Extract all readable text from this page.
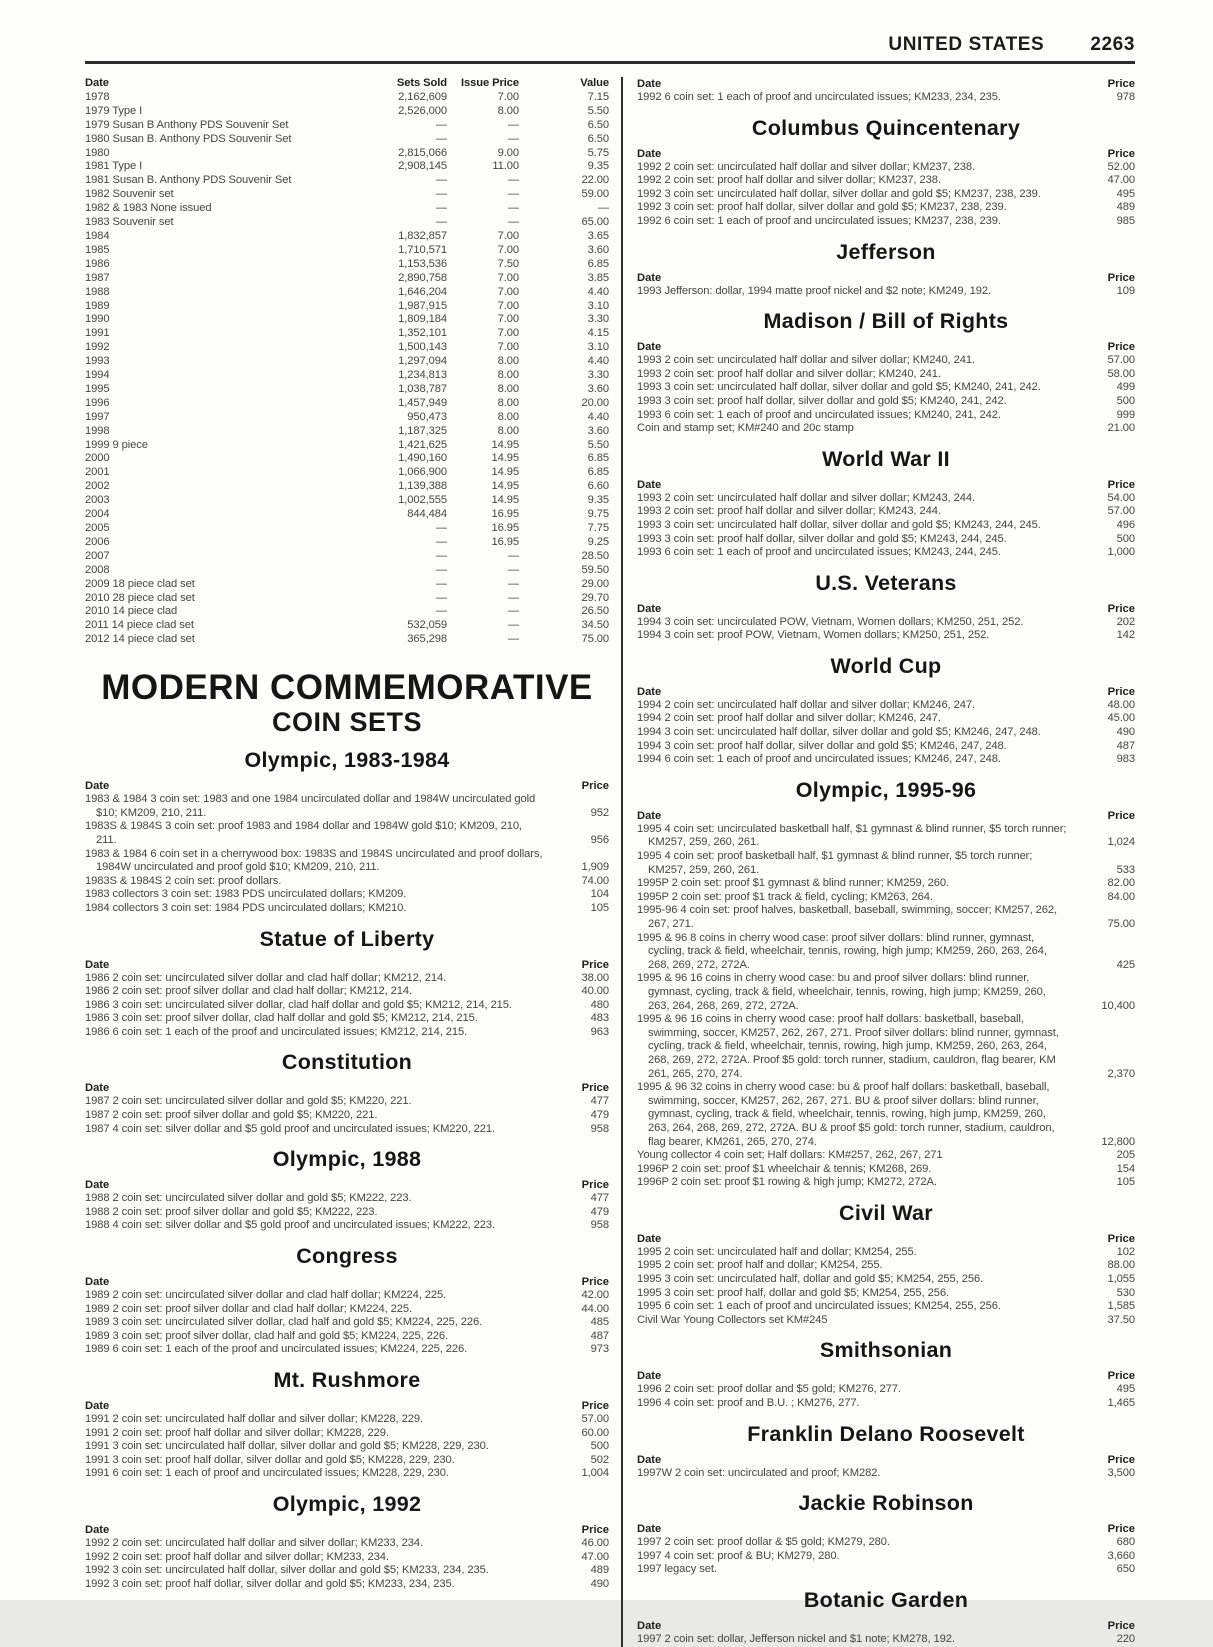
UNITED STATES 2263
Date	Sets Sold	Issue Price	Value
1978	2,162,609	7.00	7.15
1979 Type I	2,526,000	8.00	5.50
1979 Susan B Anthony PDS Souvenir Set	—	—	6.50
1980 Susan B. Anthony PDS Souvenir Set	—	—	6.50
1980	2,815,066	9.00	5.75
1981 Type I	2,908,145	11.00	9.35
1981 Susan B. Anthony PDS Souvenir Set	—	—	22.00
1982 Souvenir set	—	—	59.00
1982 & 1983 None issued	—	—	—
1983 Souvenir set	—	—	65.00
1984	1,832,857	7.00	3.65
1985	1,710,571	7.00	3.60
1986	1,153,536	7.50	6.85
1987	2,890,758	7.00	3.85
1988	1,646,204	7.00	4.40
1989	1,987,915	7.00	3.10
1990	1,809,184	7.00	3.30
1991	1,352,101	7.00	4.15
1992	1,500,143	7.00	3.10
1993	1,297,094	8.00	4.40
1994	1,234,813	8.00	3.30
1995	1,038,787	8.00	3.60
1996	1,457,949	8.00	20.00
1997	950,473	8.00	4.40
1998	1,187,325	8.00	3.60
1999 9 piece	1,421,625	14.95	5.50
2000	1,490,160	14.95	6.85
2001	1,066,900	14.95	6.85
2002	1,139,388	14.95	6.60
2003	1,002,555	14.95	9.35
2004	844,484	16.95	9.75
2005	—	16.95	7.75
2006	—	16.95	9.25
2007	—	—	28.50
2008	—	—	59.50
2009 18 piece clad set	—	—	29.00
2010 28 piece clad set	—	—	29.70
2010 14 piece clad	—	—	26.50
2011 14 piece clad set	532,059	—	34.50
2012 14 piece clad set	365,298	—	75.00
MODERN COMMEMORATIVE
COIN SETS
Olympic, 1983-1984
Date	Price
1983 & 1984 3 coin set: 1983 and one 1984 uncirculated dollar and 1984W uncirculated gold $10; KM209, 210, 211.	952
1983S & 1984S 3 coin set: proof 1983 and 1984 dollar and 1984W gold $10; KM209, 210, 211.	956
1983 & 1984 6 coin set in a cherrywood box: 1983S and 1984S uncirculated and proof dollars, 1984W uncirculated and proof gold $10; KM209, 210, 211.	1,909
1983S & 1984S 2 coin set: proof dollars.	74.00
1983 collectors 3 coin set: 1983 PDS uncirculated dollars; KM209.	104
1984 collectors 3 coin set: 1984 PDS uncirculated dollars; KM210.	105
Statue of Liberty
Date	Price
1986 2 coin set: uncirculated silver dollar and clad half dollar; KM212, 214.	38.00
1986 2 coin set: proof silver dollar and clad half dollar; KM212, 214.	40.00
1986 3 coin set: uncirculated silver dollar, clad half dollar and gold $5; KM212, 214, 215.	480
1986 3 coin set: proof silver dollar, clad half dollar and gold $5; KM212, 214, 215.	483
1986 6 coin set: 1 each of the proof and uncirculated issues; KM212, 214, 215.	963
Constitution
Date	Price
1987 2 coin set: uncirculated silver dollar and gold $5; KM220, 221.	477
1987 2 coin set: proof silver dollar and gold $5; KM220, 221.	479
1987 4 coin set: silver dollar and $5 gold proof and uncirculated issues; KM220, 221.	958
Olympic, 1988
Date	Price
1988 2 coin set: uncirculated silver dollar and gold $5; KM222, 223.	477
1988 2 coin set: proof silver dollar and gold $5; KM222, 223.	479
1988 4 coin set: silver dollar and $5 gold proof and uncirculated issues; KM222, 223.	958
Congress
Date	Price
1989 2 coin set: uncirculated silver dollar and clad half dollar; KM224, 225.	42.00
1989 2 coin set: proof silver dollar and clad half dollar; KM224, 225.	44.00
1989 3 coin set: uncirculated silver dollar, clad half and gold $5; KM224, 225, 226.	485
1989 3 coin set: proof silver dollar, clad half and gold $5; KM224, 225, 226.	487
1989 6 coin set: 1 each of the proof and uncirculated issues; KM224, 225, 226.	973
Mt. Rushmore
Date	Price
1991 2 coin set: uncirculated half dollar and silver dollar; KM228, 229.	57.00
1991 2 coin set: proof half dollar and silver dollar; KM228, 229.	60.00
1991 3 coin set: uncirculated half dollar, silver dollar and gold $5; KM228, 229, 230.	500
1991 3 coin set: proof half dollar, silver dollar and gold $5; KM228, 229, 230.	502
1991 6 coin set: 1 each of proof and uncirculated issues; KM228, 229, 230.	1,004
Olympic, 1992
Date	Price
1992 2 coin set: uncirculated half dollar and silver dollar; KM233, 234.	46.00
1992 2 coin set: proof half dollar and silver dollar; KM233, 234.	47.00
1992 3 coin set: uncirculated half dollar, silver dollar and gold $5; KM233, 234, 235.	489
1992 3 coin set: proof half dollar, silver dollar and gold $5; KM233, 234, 235.	490
Date	Price
1992 6 coin set: 1 each of proof and uncirculated issues; KM233, 234, 235.	978
Columbus Quincentenary
Date	Price
1992 2 coin set: uncirculated half dollar and silver dollar; KM237, 238.	52.00
1992 2 coin set: proof half dollar and silver dollar; KM237, 238.	47.00
1992 3 coin set: uncirculated half dollar, silver dollar and gold $5; KM237, 238, 239.	495
1992 3 coin set: proof half dollar, silver dollar and gold $5; KM237, 238, 239.	489
1992 6 coin set: 1 each of proof and uncirculated issues; KM237, 238, 239.	985
Jefferson
Date	Price
1993 Jefferson: dollar, 1994 matte proof nickel and $2 note; KM249, 192.	109
Madison / Bill of Rights
Date	Price
1993 2 coin set: uncirculated half dollar and silver dollar; KM240, 241.	57.00
1993 2 coin set: proof half dollar and silver dollar; KM240, 241.	58.00
1993 3 coin set: uncirculated half dollar, silver dollar and gold $5; KM240, 241, 242.	499
1993 3 coin set: proof half dollar, silver dollar and gold $5; KM240, 241, 242.	500
1993 6 coin set: 1 each of proof and uncirculated issues; KM240, 241, 242.	999
Coin and stamp set; KM#240 and 20c stamp	21.00
World War II
Date	Price
1993 2 coin set: uncirculated half dollar and silver dollar; KM243, 244.	54.00
1993 2 coin set: proof half dollar and silver dollar; KM243, 244.	57.00
1993 3 coin set: uncirculated half dollar, silver dollar and gold $5; KM243, 244, 245.	496
1993 3 coin set: proof half dollar, silver dollar and gold $5; KM243, 244, 245.	500
1993 6 coin set: 1 each of proof and uncirculated issues; KM243, 244, 245.	1,000
U.S. Veterans
Date	Price
1994 3 coin set: uncirculated POW, Vietnam, Women dollars; KM250, 251, 252.	202
1994 3 coin set: proof POW, Vietnam, Women dollars; KM250, 251, 252.	142
World Cup
Date	Price
1994 2 coin set: uncirculated half dollar and silver dollar; KM246, 247.	48.00
1994 2 coin set: proof half dollar and silver dollar; KM246, 247.	45.00
1994 3 coin set: uncirculated half dollar, silver dollar and gold $5; KM246, 247, 248.	490
1994 3 coin set: proof half dollar, silver dollar and gold $5; KM246, 247, 248.	487
1994 6 coin set: 1 each of proof and uncirculated issues; KM246, 247, 248.	983
Olympic, 1995-96
Date	Price
1995 4 coin set: uncirculated basketball half, $1 gymnast & blind runner, $5 torch runner; KM257, 259, 260, 261.	1,024
1995 4 coin set: proof basketball half, $1 gymnast & blind runner, $5 torch runner; KM257, 259, 260, 261.	533
1995P 2 coin set: proof $1 gymnast & blind runner; KM259, 260.	82.00
1995P 2 coin set: proof $1 track & field, cycling; KM263, 264.	84.00
1995-96 4 coin set: proof halves, basketball, baseball, swimming, soccer; KM257, 262, 267, 271.	75.00
1995 & 96 8 coins in cherry wood case: proof silver dollars: blind runner, gymnast, cycling, track & field, wheelchair, tennis, rowing, high jump; KM259, 260, 263, 264, 268, 269, 272, 272A.	425
1995 & 96 16 coins in cherry wood case: bu and proof silver dollars: blind runner, gymnast, cycling, track & field, wheelchair, tennis, rowing, high jump; KM259, 260, 263, 264, 268, 269, 272, 272A.	10,400
1995 & 96 16 coins in cherry wood case: proof half dollars: basketball, baseball, swimming, soccer, KM257, 262, 267, 271. Proof silver dollars: blind runner, gymnast, cycling, track & field, wheelchair, tennis, rowing, high jump, KM259, 260, 263, 264, 268, 269, 272, 272A. Proof $5 gold: torch runner, stadium, cauldron, flag bearer, KM 261, 265, 270, 274.	2,370
1995 & 96 32 coins in cherry wood case: bu & proof half dollars: basketball, baseball, swimming, soccer, KM257, 262, 267, 271. BU & proof silver dollars: blind runner, gymnast, cycling, track & field, wheelchair, tennis, rowing, high jump, KM259, 260, 263, 264, 268, 269, 272, 272A. BU & proof $5 gold: torch runner, stadium, cauldron, flag bearer, KM261, 265, 270, 274.	12,800
Young collector 4 coin set; Half dollars: KM#257, 262, 267, 271	205
1996P 2 coin set: proof $1 wheelchair & tennis; KM268, 269.	154
1996P 2 coin set: proof $1 rowing & high jump; KM272, 272A.	105
Civil War
Date	Price
1995 2 coin set: uncirculated half and dollar; KM254, 255.	102
1995 2 coin set: proof half and dollar; KM254, 255.	88.00
1995 3 coin set: uncirculated half, dollar and gold $5; KM254, 255, 256.	1,055
1995 3 coin set: proof half, dollar and gold $5; KM254, 255, 256.	530
1995 6 coin set: 1 each of proof and uncirculated issues; KM254, 255, 256.	1,585
Civil War Young Collectors set KM#245	37.50
Smithsonian
Date	Price
1996 2 coin set: proof dollar and $5 gold; KM276, 277.	495
1996 4 coin set: proof and B.U. ; KM276, 277.	1,465
Franklin Delano Roosevelt
Date	Price
1997W 2 coin set: uncirculated and proof; KM282.	3,500
Jackie Robinson
Date	Price
1997 2 coin set: proof dollar & $5 gold; KM279, 280.	680
1997 4 coin set: proof & BU; KM279, 280.	3,660
1997 legacy set.	650
Botanic Garden
Date	Price
1997 2 coin set: dollar, Jefferson nickel and $1 note; KM278, 192.	220
